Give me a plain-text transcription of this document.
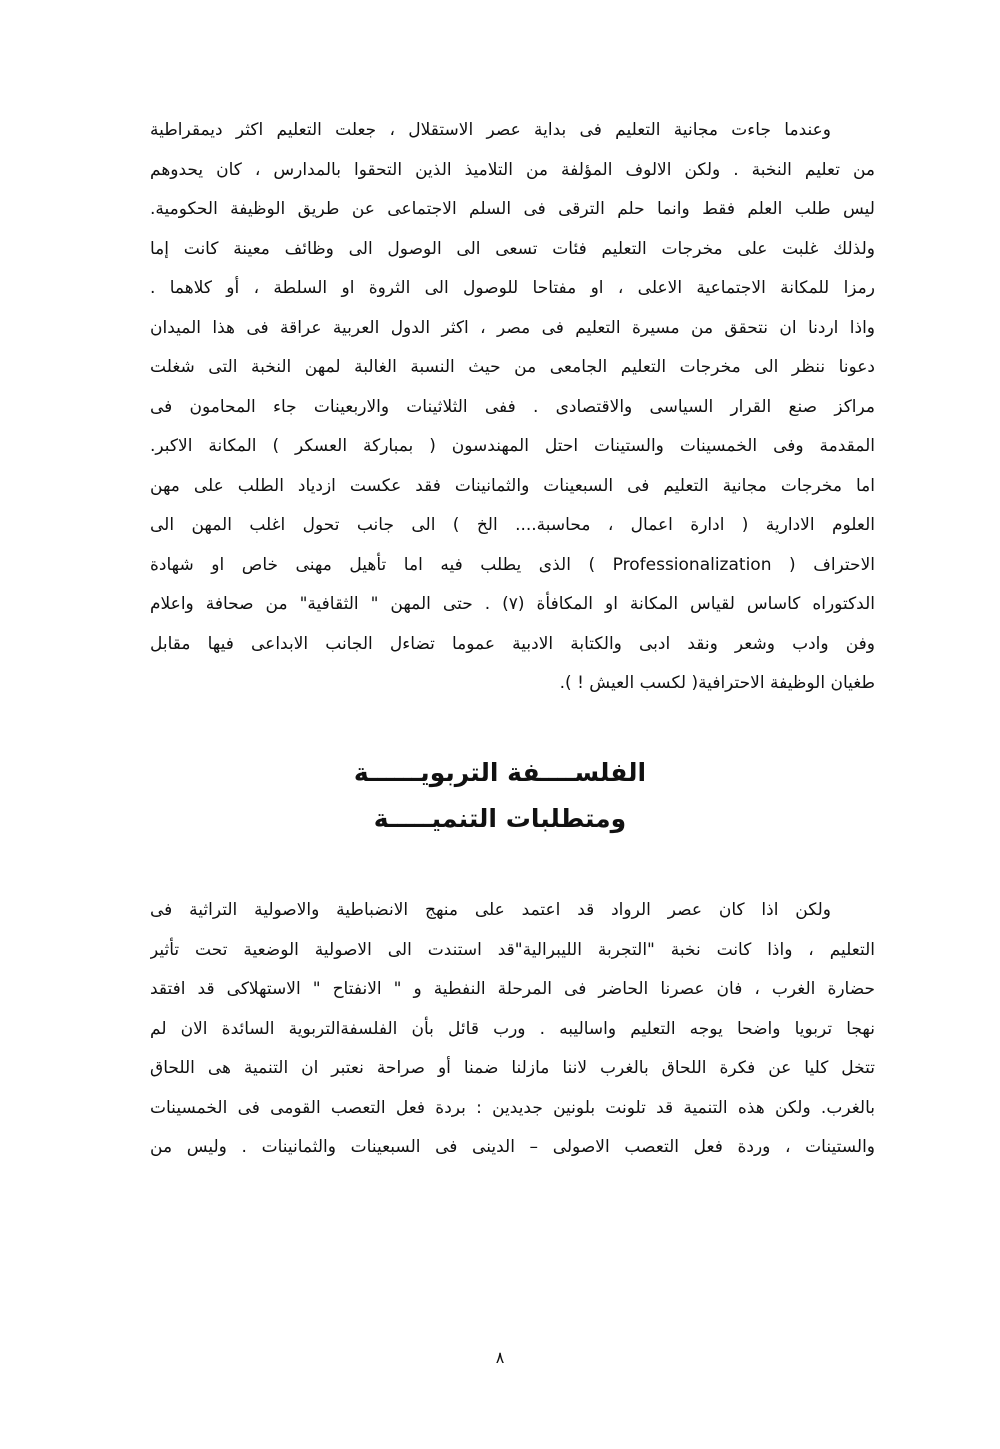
وعندما جاءت مجانية التعليم فى بداية عصر الاستقلال ، جعلت التعليم اكثر ديمقراطية
من تعليم النخبة . ولكن الالوف المؤلفة من التلاميذ الذين التحقوا بالمدارس ، كان يحدوهم
ليس طلب العلم فقط وانما حلم الترقى فى السلم الاجتماعى عن طريق الوظيفة الحكومية.
ولذلك غلبت على مخرجات التعليم فئات تسعى الى الوصول الى وظائف معينة كانت إما
رمزا للمكانة الاجتماعية الاعلى ، او مفتاحا للوصول الى الثروة او السلطة ، أو كلاهما .
واذا اردنا ان نتحقق من مسيرة التعليم فى مصر ، اكثر الدول العربية عراقة فى هذا الميدان
دعونا ننظر الى مخرجات التعليم الجامعى من حيث النسبة الغالبة لمهن النخبة التى شغلت
مراكز صنع القرار السياسى والاقتصادى . ففى الثلاثينات والاربعينات جاء المحامون فى
المقدمة وفى الخمسينات والستينات احتل المهندسون ( بمباركة العسكر ) المكانة الاكبر.
اما مخرجات مجانية التعليم فى السبعينات والثمانينات فقد عكست ازدياد الطلب على مهن
العلوم الادارية ( ادارة اعمال ، محاسبة.... الخ ) الى جانب تحول اغلب المهن الى
الاحتراف ( Professionalization ) الذى يطلب فيه اما تأهيل مهنى خاص او شهادة
الدكتوراه كاساس لقياس المكانة او المكافأة (٧) . حتى المهن " الثقافية" من صحافة واعلام
وفن وادب وشعر ونقد ادبى والكتابة الادبية عموما تضاءل الجانب الابداعى فيها مقابل
طغيان الوظيفة الاحترافية( لكسب العيش ! ).
الفلســــفة التربويــــــة
ومتطلبات التنميـــــة
ولكن اذا كان عصر الرواد قد اعتمد على منهج الانضباطية والاصولية التراثية فى
التعليم ، واذا كانت نخبة "التجربة الليبرالية"قد استندت الى الاصولية الوضعية تحت تأثير
حضارة الغرب ، فان عصرنا الحاضر فى المرحلة النفطية و " الانفتاح " الاستهلاكى قد افتقد
نهجا تربويا واضحا يوجه التعليم واساليبه . ورب قائل بأن الفلسفةالتربوية السائدة الان لم
تتخل كليا عن فكرة اللحاق بالغرب لاننا مازلنا ضمنا أو صراحة نعتبر ان التنمية هى اللحاق
بالغرب. ولكن هذه التنمية قد تلونت بلونين جديدين : بردة فعل التعصب القومى فى الخمسينات
والستينات ، وردة فعل التعصب الاصولى – الدينى فى السبعينات والثمانينات . وليس من
٨
